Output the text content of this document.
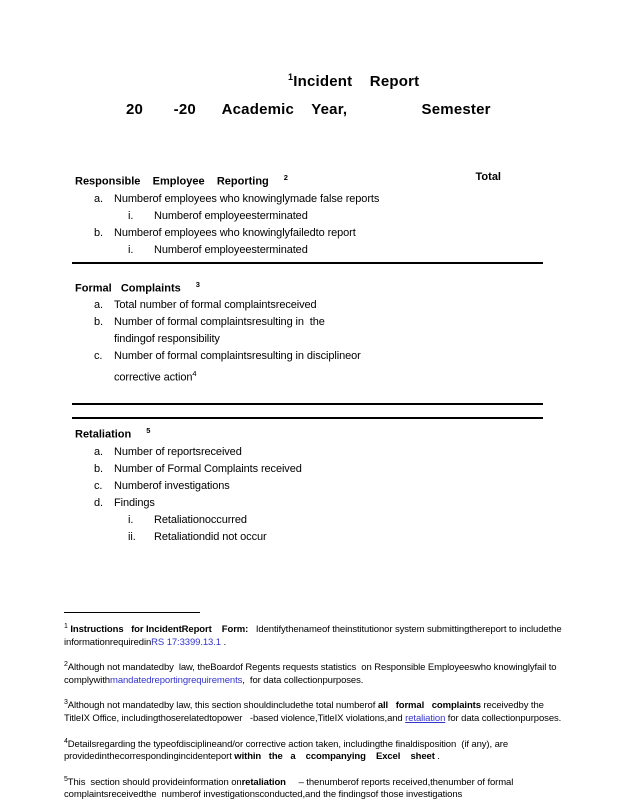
$^1$Incident    Report
20       -20      Academic    Year,                 Semester
Responsible    Employee    Reporting $^2$	Total
a.	Numberof employees who knowinglymade false reports
i.	Numberof employeesterminated
b.	Numberof employees who knowinglyfailedto report
i.	Numberof employeesterminated
Formal   Complaints $^3$
a.	Total number of formal complaintsreceived
b.	Number of formal complaintsresulting in  the
findingof responsibility
c.	Number of formal complaintsresulting in disciplineor
corrective action$^4$
Retaliation $^5$
a.	Number of reportsreceived
b.	Number of Formal Complaints received
c.	Numberof investigations
d.	Findings
i.	Retaliationoccurred
ii.	Retaliationdid not occur

$^1$ Instructions   for IncidentReport    Form:   Identifythenameof theinstitutionor system submittingthereport to includethe informationrequiredinRS 17:3399.13.1 .

$^2$Although not mandatedby  law, theBoardof Regents requests statistics  on Responsible Employeeswho knowinglyfail to complywithmandatedreportingrequirements,  for data collectionpurposes.

$^3$Although not mandatedby law, this section shouldincludethe total numberof all   formal   complaints receivedby the TitleIX Office, includingthoserelatedtopower   -based violence,TitleIX violations,and retaliation for data collectionpurposes.

$^4$Detailsregarding the typeofdisciplineand/or corrective action taken, includingthe finaldisposition  (if any), are providedinthecorrespondingincidenteport within   the   a    ccompanying    Excel    sheet .

$^5$This  section should provideinformation onretaliation     – thenumberof reports received,thenumber of formal complaintsreceivedthe  numberof investigationsconducted,and the findingsof those investigations
